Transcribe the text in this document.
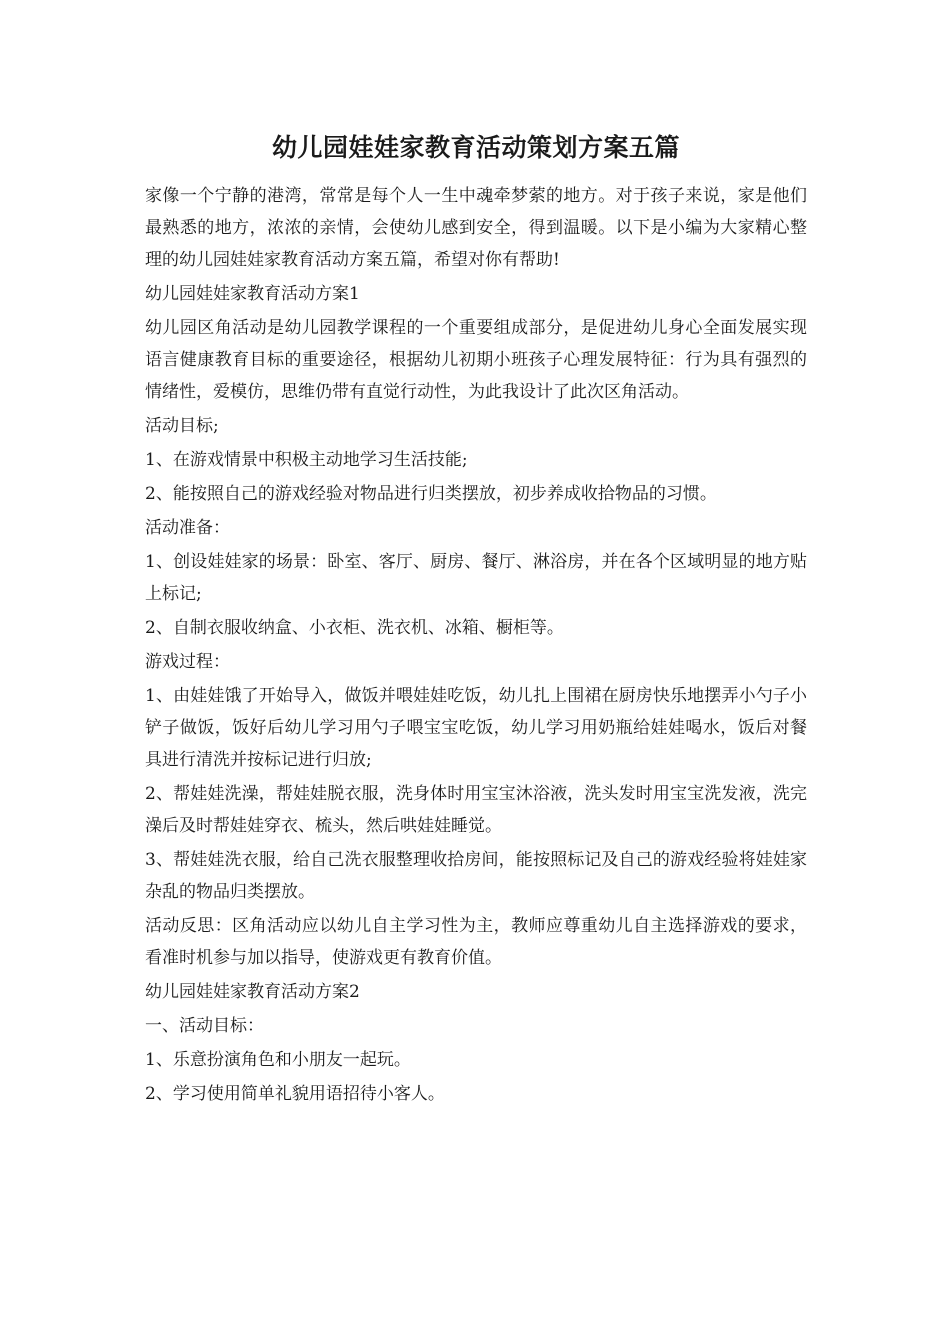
幼儿园娃娃家教育活动策划方案五篇

家像一个宁静的港湾，常常是每个人一生中魂牵梦萦的地方。对于孩子来说，家是他们最熟悉的地方，浓浓的亲情，会使幼儿感到安全，得到温暖。以下是小编为大家精心整理的幼儿园娃娃家教育活动方案五篇，希望对你有帮助!

幼儿园娃娃家教育活动方案1

幼儿园区角活动是幼儿园教学课程的一个重要组成部分，是促进幼儿身心全面发展实现语言健康教育目标的重要途径，根据幼儿初期小班孩子心理发展特征：行为具有强烈的情绪性，爱模仿，思维仍带有直觉行动性，为此我设计了此次区角活动。

活动目标;

1、在游戏情景中积极主动地学习生活技能;

2、能按照自己的游戏经验对物品进行归类摆放，初步养成收拾物品的习惯。

活动准备：

1、创设娃娃家的场景：卧室、客厅、厨房、餐厅、淋浴房，并在各个区域明显的地方贴上标记;

2、自制衣服收纳盒、小衣柜、洗衣机、冰箱、橱柜等。

游戏过程：

1、由娃娃饿了开始导入，做饭并喂娃娃吃饭，幼儿扎上围裙在厨房快乐地摆弄小勺子小铲子做饭，饭好后幼儿学习用勺子喂宝宝吃饭，幼儿学习用奶瓶给娃娃喝水，饭后对餐具进行清洗并按标记进行归放;

2、帮娃娃洗澡，帮娃娃脱衣服，洗身体时用宝宝沐浴液，洗头发时用宝宝洗发液，洗完澡后及时帮娃娃穿衣、梳头，然后哄娃娃睡觉。

3、帮娃娃洗衣服，给自己洗衣服整理收拾房间，能按照标记及自己的游戏经验将娃娃家杂乱的物品归类摆放。

活动反思：区角活动应以幼儿自主学习性为主，教师应尊重幼儿自主选择游戏的要求，看准时机参与加以指导，使游戏更有教育价值。

幼儿园娃娃家教育活动方案2

一、活动目标：

1、乐意扮演角色和小朋友一起玩。

2、学习使用简单礼貌用语招待小客人。
